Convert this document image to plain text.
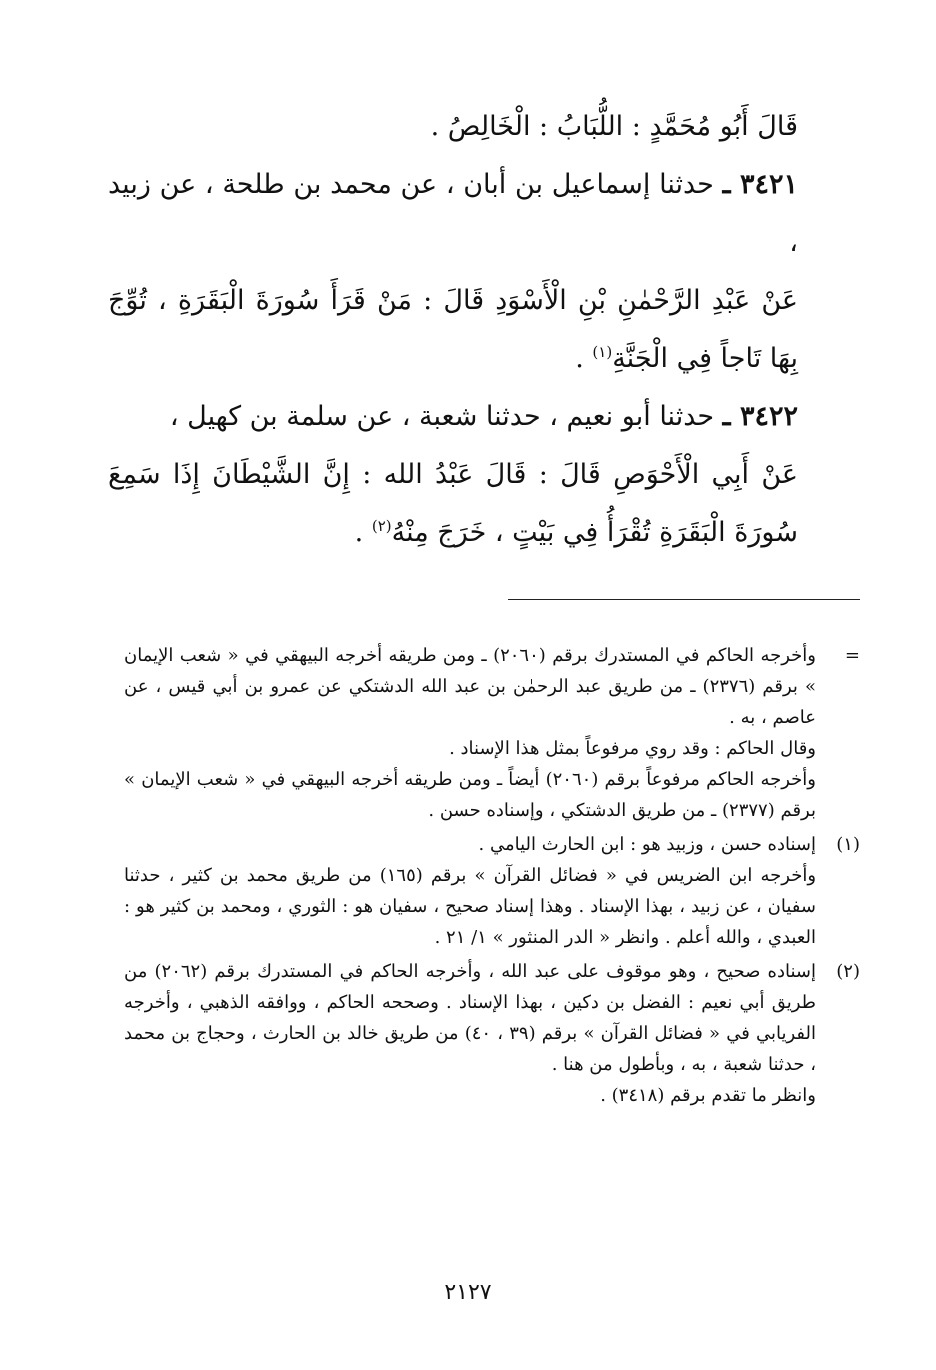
قَالَ أَبُو مُحَمَّدٍ : اللُّبَابُ : الْخَالِصُ .

٣٤٢١ ـ حدثنا إسماعيل بن أبان ، عن محمد بن طلحة ، عن زبيد ،

عَنْ عَبْدِ الرَّحْمٰنِ بْنِ الْأَسْوَدِ قَالَ : مَنْ قَرَأَ سُورَةَ الْبَقَرَةِ ، تُوِّجَ بِهَا تَاجاً فِي الْجَنَّةِ$^{(١)}$ .

٣٤٢٢ ـ حدثنا أبو نعيم ، حدثنا شعبة ، عن سلمة بن كهيل ،

عَنْ أَبِي الْأَحْوَصِ قَالَ : قَالَ عَبْدُ الله : إِنَّ الشَّيْطَانَ إِذَا سَمِعَ سُورَةَ الْبَقَرَةِ تُقْرَأُ فِي بَيْتٍ ، خَرَجَ مِنْهُ$^{(٢)}$ .

=
وأخرجه الحاكم في المستدرك برقم (٢٠٦٠) ـ ومن طريقه أخرجه البيهقي في « شعب الإيمان » برقم (٢٣٧٦) ـ من طريق عبد الرحمٰن بن عبد الله الدشتكي عن عمرو بن أبي قيس ، عن عاصم ، به .
وقال الحاكم : وقد روي مرفوعاً بمثل هذا الإسناد .
وأخرجه الحاكم مرفوعاً برقم (٢٠٦٠) أيضاً ـ ومن طريقه أخرجه البيهقي في « شعب الإيمان » برقم (٢٣٧٧) ـ من طريق الدشتكي ، وإسناده حسن .
(١)
إسناده حسن ، وزبيد هو : ابن الحارث اليامي .
وأخرجه ابن الضريس في « فضائل القرآن » برقم (١٦٥) من طريق محمد بن كثير ، حدثنا سفيان ، عن زبيد ، بهذا الإسناد . وهذا إسناد صحيح ، سفيان هو : الثوري ، ومحمد بن كثير هو : العبدي ، والله أعلم . وانظر « الدر المنثور » ١/ ٢١ .
(٢)
إسناده صحيح ، وهو موقوف على عبد الله ، وأخرجه الحاكم في المستدرك برقم (٢٠٦٢) من طريق أبي نعيم : الفضل بن دكين ، بهذا الإسناد . وصححه الحاكم ، ووافقه الذهبي ، وأخرجه الفريابي في « فضائل القرآن » برقم (٣٩ ، ٤٠) من طريق خالد بن الحارث ، وحجاج بن محمد ، حدثنا شعبة ، به ، وبأطول من هنا .
وانظر ما تقدم برقم (٣٤١٨) .
٢١٢٧
